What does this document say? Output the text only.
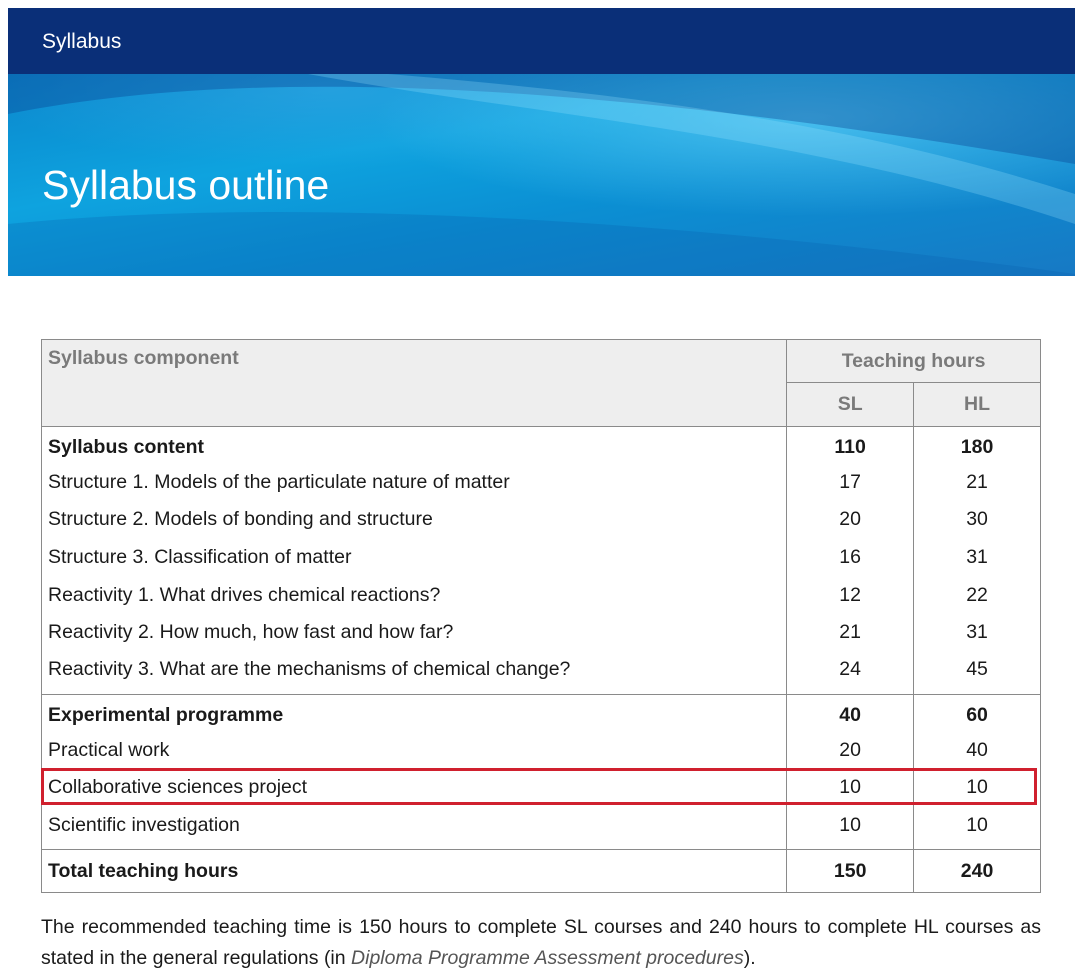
Syllabus
Syllabus outline
Syllabus component	Teaching hours	
	SL	HL
Syllabus content	110	180
Structure 1. Models of the particulate nature of matter	17	21
Structure 2. Models of bonding and structure	20	30
Structure 3. Classification of matter	16	31
Reactivity 1. What drives chemical reactions?	12	22
Reactivity 2. How much, how fast and how far?	21	31
Reactivity 3. What are the mechanisms of chemical change?	24	45
Experimental programme	40	60
Practical work	20	40
Collaborative sciences project	10	10
Scientific investigation	10	10
Total teaching hours	150	240

The recommended teaching time is 150 hours to complete SL courses and 240 hours to complete HL courses as stated in the general regulations (in Diploma Programme Assessment procedures).
